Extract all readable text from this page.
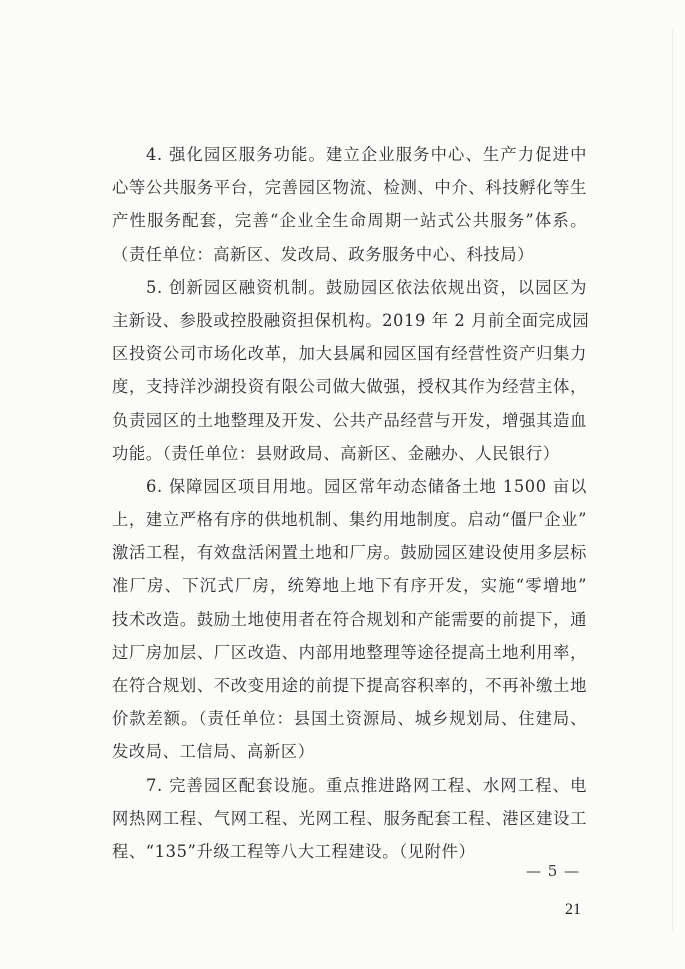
4. 强化园区服务功能。建立企业服务中心、生产力促进中
心等公共服务平台，完善园区物流、检测、中介、科技孵化等生
产性服务配套，完善“企业全生命周期一站式公共服务”体系。
（责任单位：高新区、发改局、政务服务中心、科技局）
5. 创新园区融资机制。鼓励园区依法依规出资，以园区为
主新设、参股或控股融资担保机构。2019 年 2 月前全面完成园
区投资公司市场化改革，加大县属和园区国有经营性资产归集力
度，支持洋沙湖投资有限公司做大做强，授权其作为经营主体，
负责园区的土地整理及开发、公共产品经营与开发，增强其造血
功能。（责任单位：县财政局、高新区、金融办、人民银行）
6. 保障园区项目用地。园区常年动态储备土地 1500 亩以
上，建立严格有序的供地机制、集约用地制度。启动“僵尸企业”
激活工程，有效盘活闲置土地和厂房。鼓励园区建设使用多层标
准厂房、下沉式厂房，统筹地上地下有序开发，实施“零增地”
技术改造。鼓励土地使用者在符合规划和产能需要的前提下，通
过厂房加层、厂区改造、内部用地整理等途径提高土地利用率，
在符合规划、不改变用途的前提下提高容积率的，不再补缴土地
价款差额。（责任单位：县国土资源局、城乡规划局、住建局、
发改局、工信局、高新区）
7. 完善园区配套设施。重点推进路网工程、水网工程、电
网热网工程、气网工程、光网工程、服务配套工程、港区建设工
程、“135”升级工程等八大工程建设。（见附件）
— 5 —
21
